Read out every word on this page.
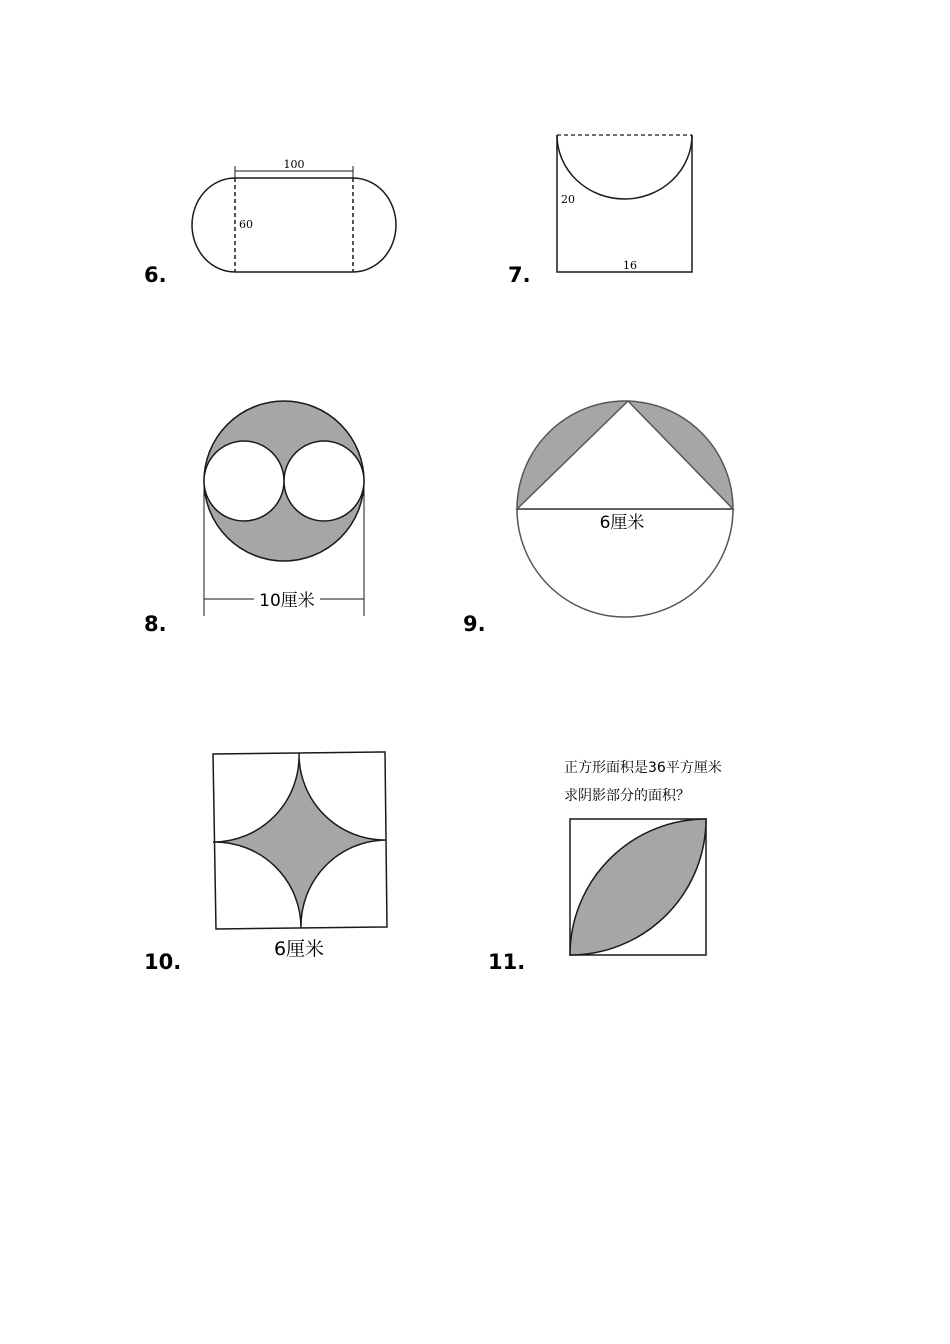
6.	7.
8.	9.
10.	11.
100
60
20
16
10厘米
6厘米
6厘米
正方形面积是36平方厘米
求阴影部分的面积？
